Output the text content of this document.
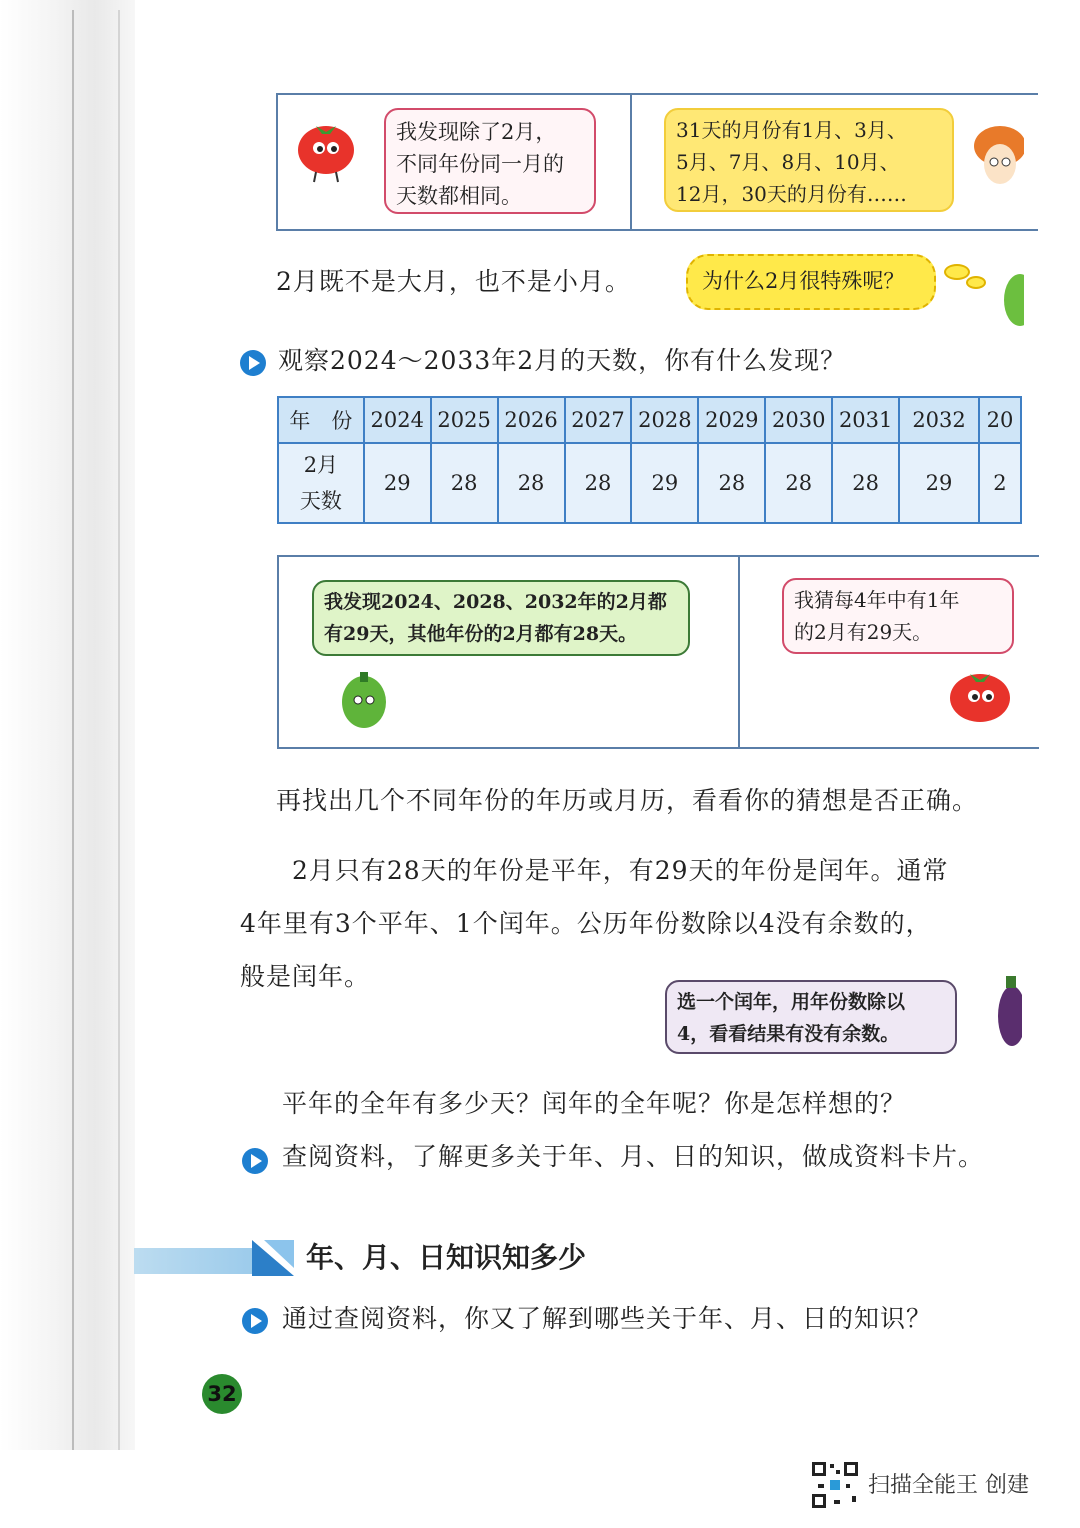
我发现除了2月，
不同年份同一月的
天数都相同。
31天的月份有1月、3月、
5月、7月、8月、10月、
12月，30天的月份有……
2月既不是大月，也不是小月。	为什么2月很特殊呢？
观察2024～2033年2月的天数，你有什么发现？
年　份	2024	2025	2026	2027	2028	2029	2030	2031	2032	20

2月
天数	29	28	28	28	29	28	28	28	29	2
我发现2024、2028、2032年的2月都
有29天，其他年份的2月都有28天。
我猜每4年中有1年
的2月有29天。
再找出几个不同年份的年历或月历，看看你的猜想是否正确。
2月只有28天的年份是平年，有29天的年份是闰年。通常
4年里有3个平年、1个闰年。公历年份数除以4没有余数的，
般是闰年。
选一个闰年，用年份数除以
4，看看结果有没有余数。
平年的全年有多少天？闰年的全年呢？你是怎样想的？
查阅资料，了解更多关于年、月、日的知识，做成资料卡片。
年、月、日知识知多少
通过查阅资料，你又了解到哪些关于年、月、日的知识？
32
扫描全能王 创建
